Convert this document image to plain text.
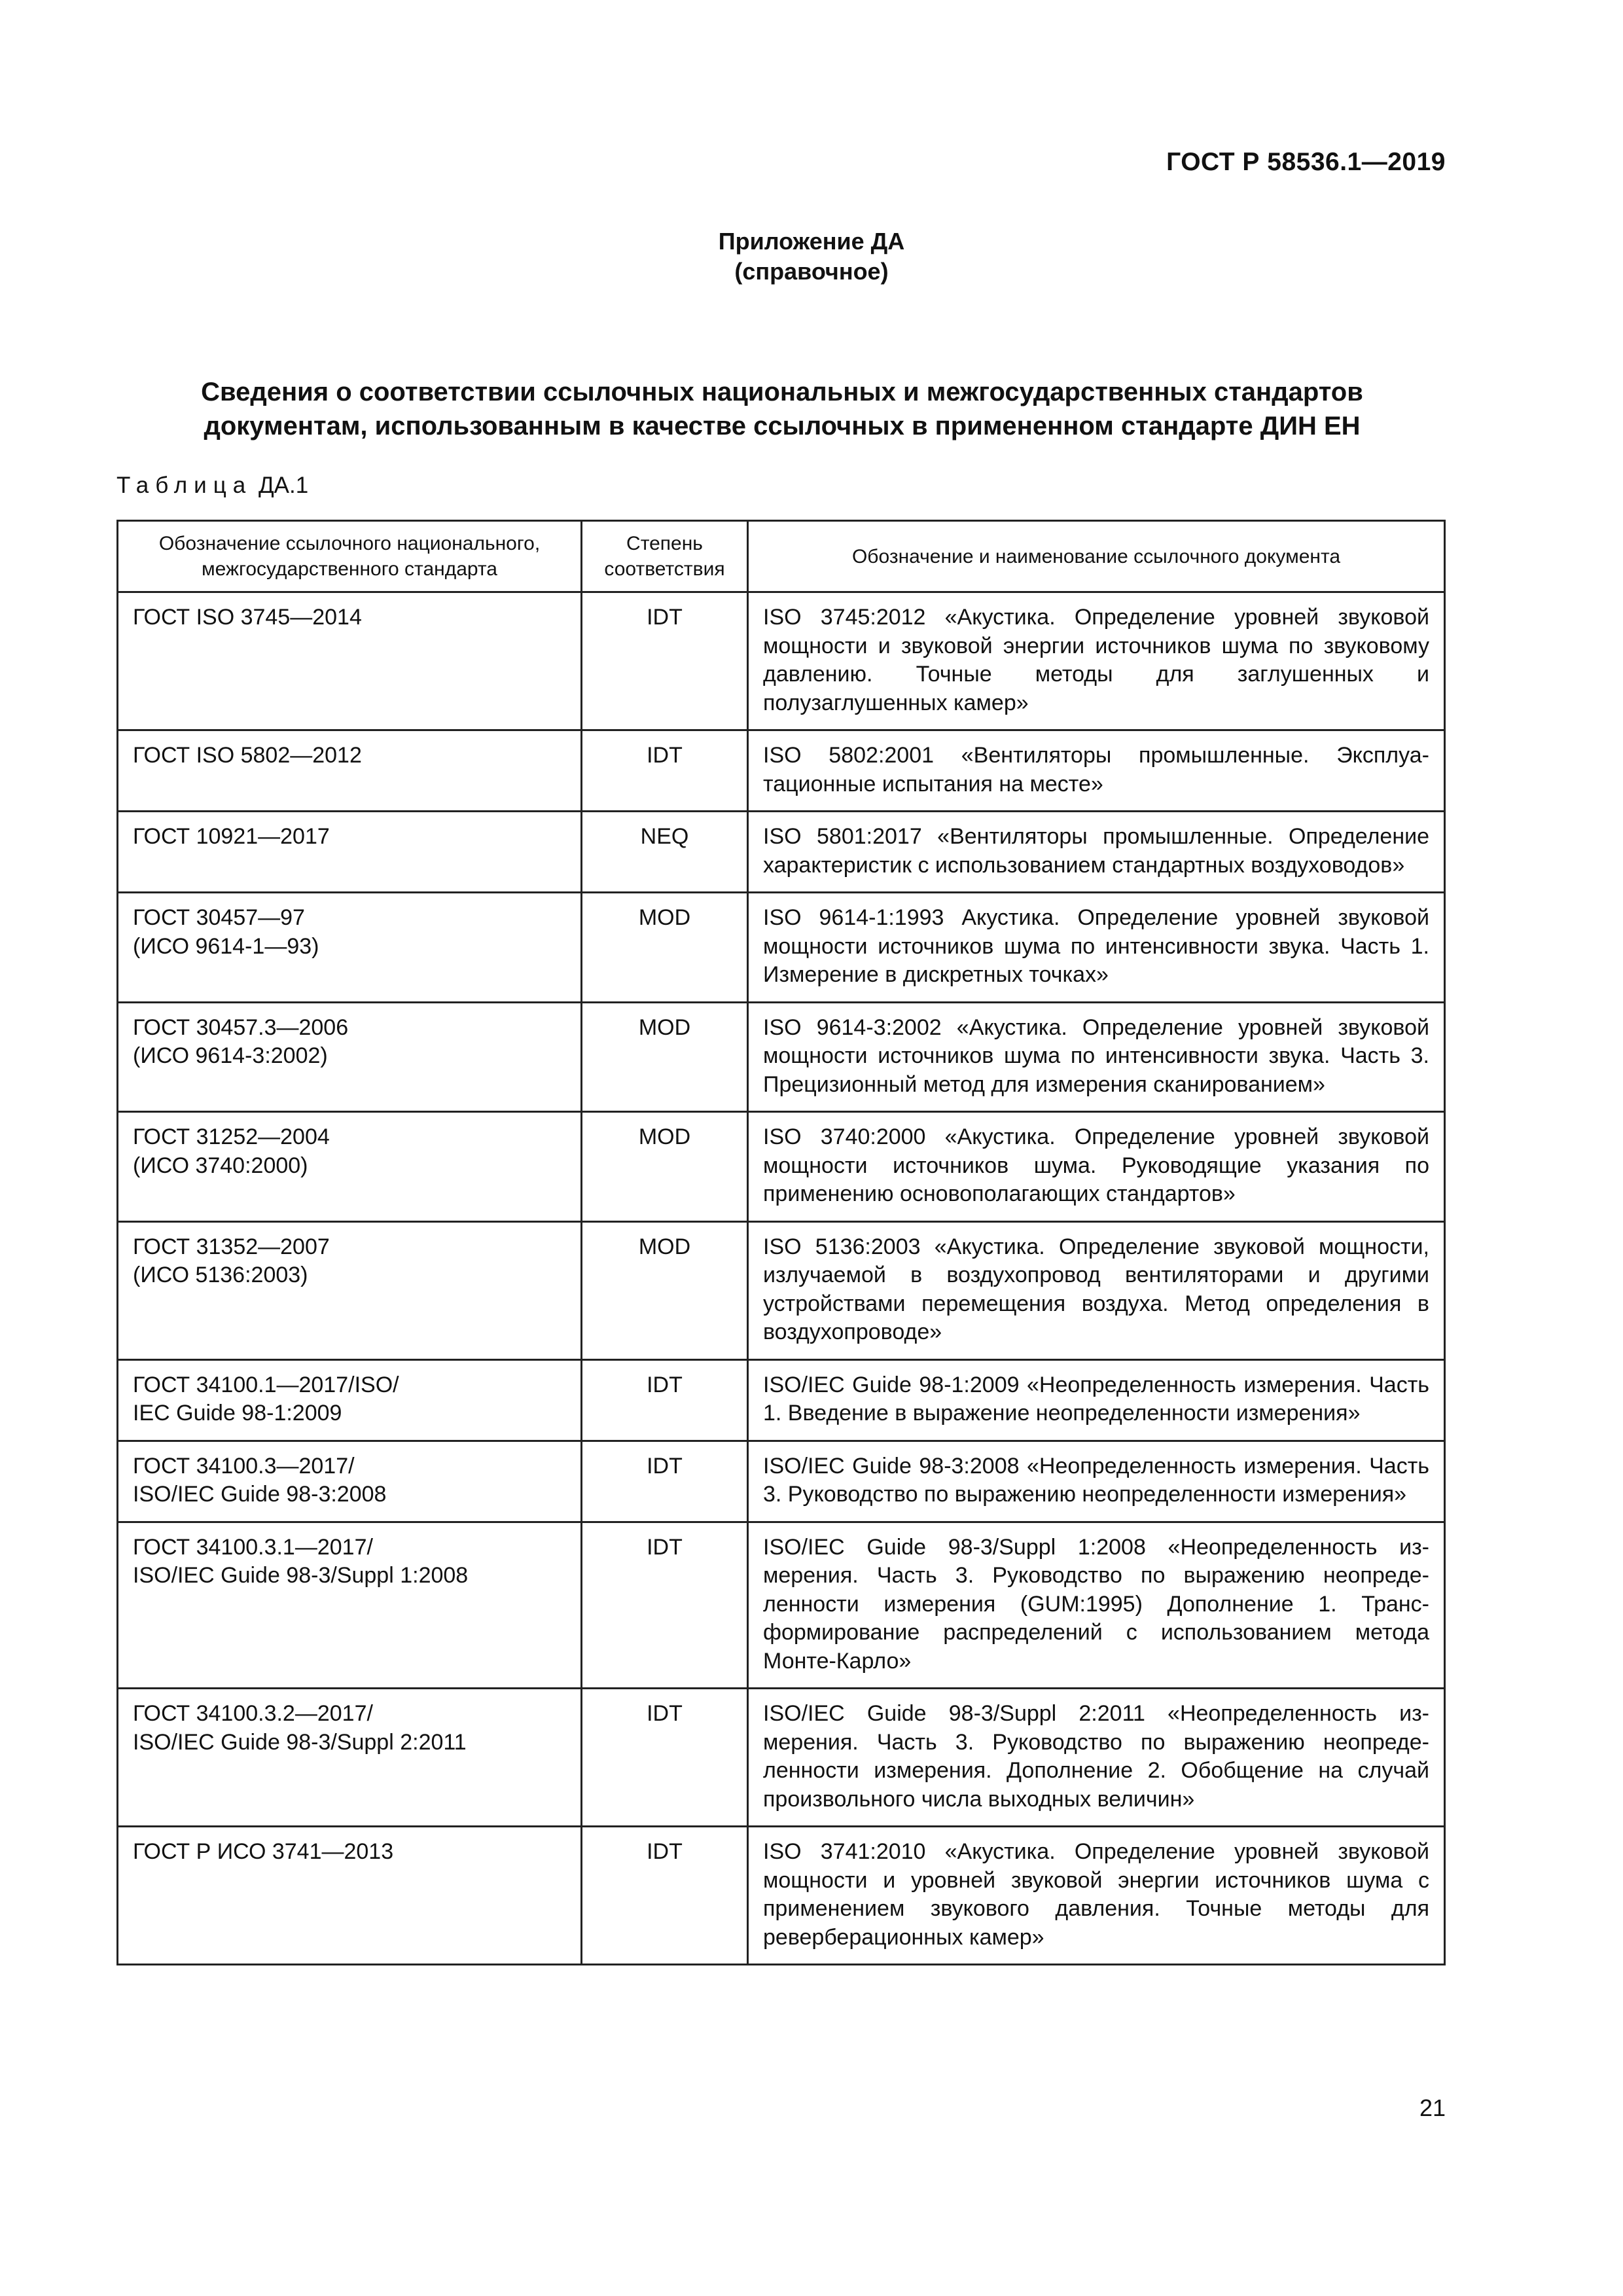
ГОСТ Р 58536.1—2019
Приложение ДА
(справочное)
Сведения о соответствии ссылочных национальных и межгосударственных стандартов
документам, использованным в качестве ссылочных в примененном стандарте ДИН ЕН
Таблица ДА.1
Обозначение ссылочного национального, межгосударственного стандарта	Степень соответствия	Обозначение и наименование ссылочного документа
ГОСТ ISO 3745—2014	IDT	ISO 3745:2012 «Акустика. Определение уровней звуковой мощности и звуковой энергии источников шума по звуковому давлению. Точные методы для заглушенных и полузаглушенных камер»
ГОСТ ISO 5802—2012	IDT	ISO 5802:2001 «Вентиляторы промышленные. Эксплуатационные испытания на месте»
ГОСТ 10921—2017	NEQ	ISO 5801:2017 «Вентиляторы промышленные. Определение характеристик с использованием стандартных воздуховодов»
ГОСТ 30457—97
(ИСО 9614-1—93)	MOD	ISO 9614-1:1993 Акустика. Определение уровней звуковой мощности источников шума по интенсивности звука. Часть 1. Измерение в дискретных точках»
ГОСТ 30457.3—2006
(ИСО 9614-3:2002)	MOD	ISO 9614-3:2002 «Акустика. Определение уровней звуковой мощности источников шума по интенсивности звука. Часть 3. Прецизионный метод для измерения сканированием»
ГОСТ 31252—2004
(ИСО 3740:2000)	MOD	ISO 3740:2000 «Акустика. Определение уровней звуковой мощности источников шума. Руководящие указания по применению основополагающих стандартов»
ГОСТ 31352—2007
(ИСО 5136:2003)	MOD	ISO 5136:2003 «Акустика. Определение звуковой мощности, излучаемой в воздухопровод вентиляторами и другими устройствами перемещения воздуха. Метод определения в воздухопроводе»
ГОСТ 34100.1—2017/ISO/
IEC Guide 98-1:2009	IDT	ISO/IEC Guide 98-1:2009 «Неопределенность измерения. Часть 1. Введение в выражение неопределенности измерения»
ГОСТ 34100.3—2017/
ISO/IEC Guide 98-3:2008	IDT	ISO/IEC Guide 98-3:2008 «Неопределенность измерения. Часть 3. Руководство по выражению неопределенности измерения»
ГОСТ 34100.3.1—2017/
ISO/IEC Guide 98-3/Suppl 1:2008	IDT	ISO/IEC Guide 98-3/Suppl 1:2008 «Неопределенность измерения. Часть 3. Руководство по выражению неопределенности измерения (GUM:1995) Дополнение 1. Трансформирование распределений с использованием метода Монте-Карло»
ГОСТ 34100.3.2—2017/
ISO/IEC Guide 98-3/Suppl 2:2011	IDT	ISO/IEC Guide 98-3/Suppl 2:2011 «Неопределенность измерения. Часть 3. Руководство по выражению неопределенности измерения. Дополнение 2. Обобщение на случай произвольного числа выходных величин»
ГОСТ Р ИСО 3741—2013	IDT	ISO 3741:2010 «Акустика. Определение уровней звуковой мощности и уровней звуковой энергии источников шума с применением звукового давления. Точные методы для реверберационных камер»
21
